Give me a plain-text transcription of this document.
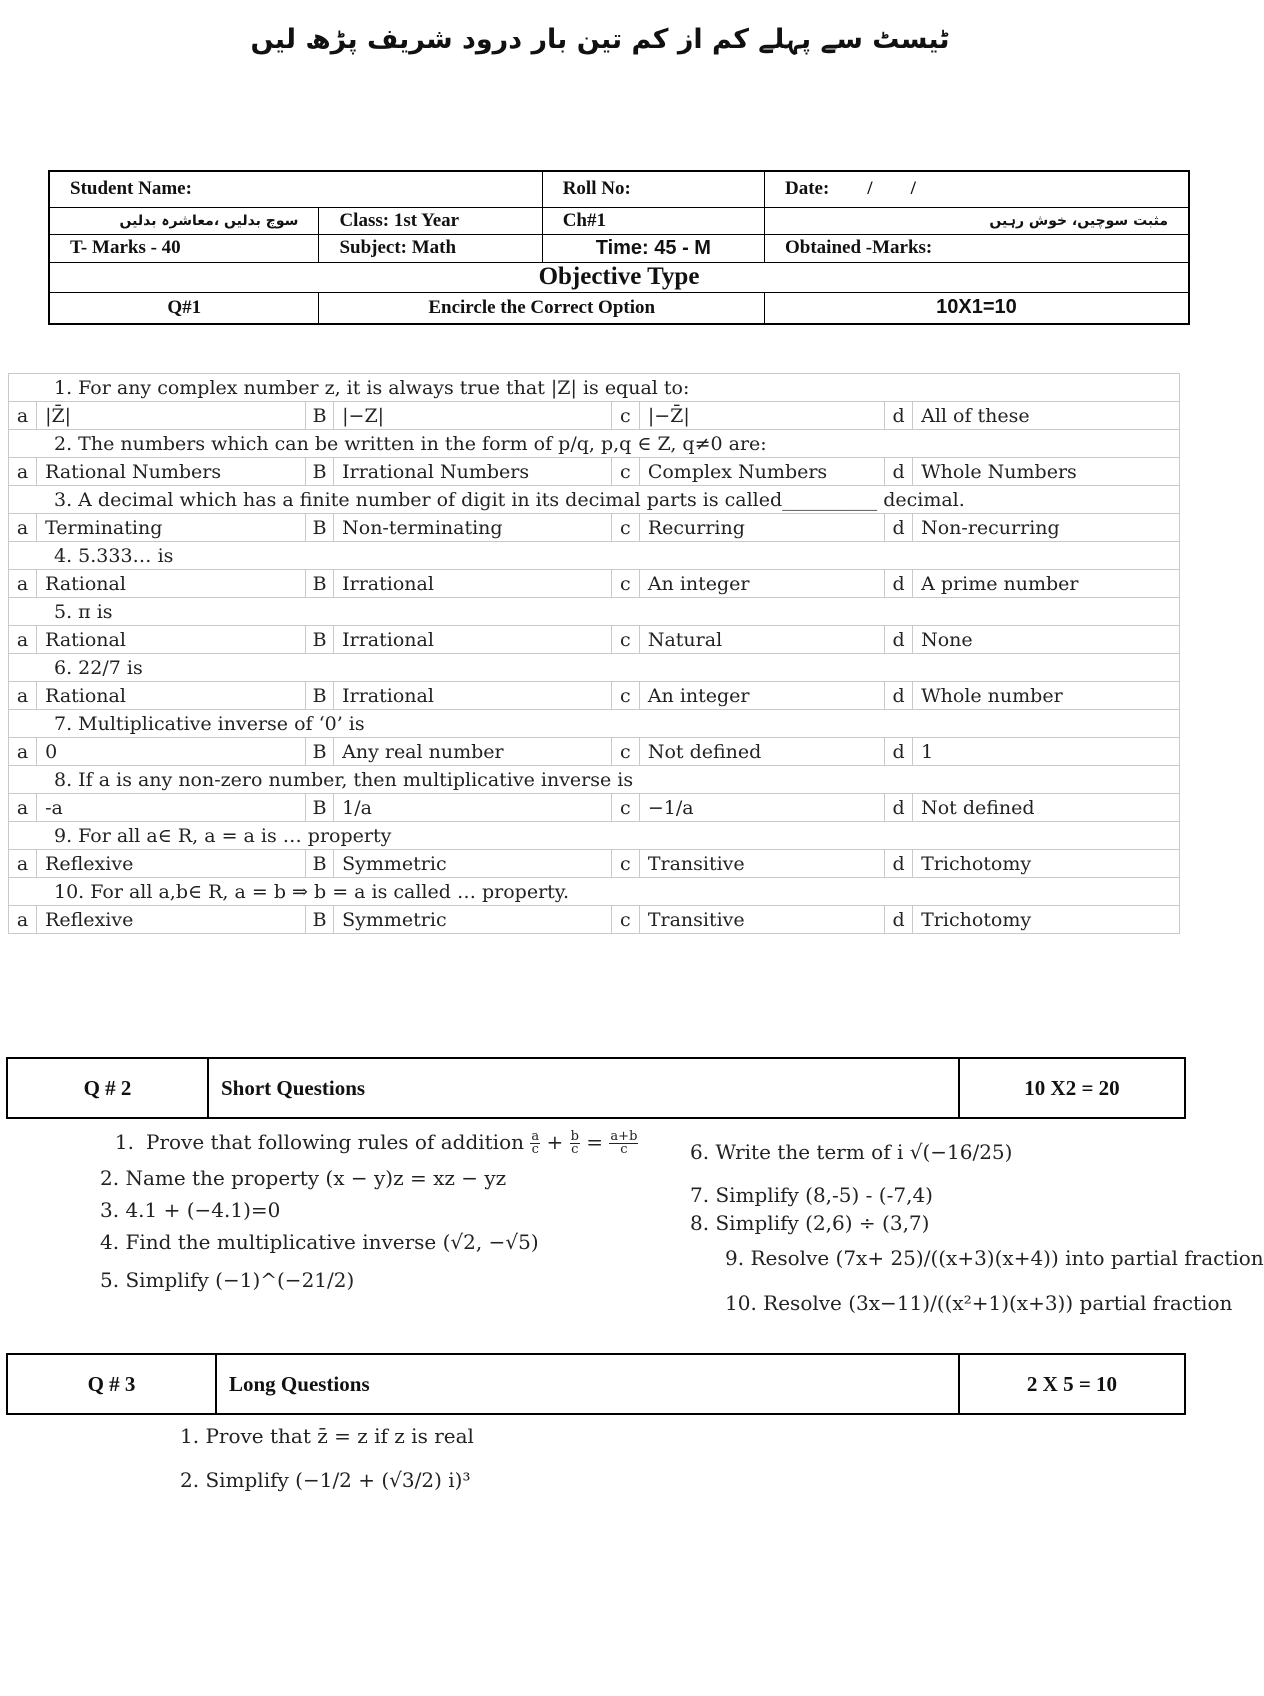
ٹیسٹ سے پہلے کم از کم تین بار درود شریف پڑھ لیں
Student Name:		Roll No:	Date:        /        /
سوچ بدلیں ،معاشرہ بدلیں	Class: 1st Year	Ch#1	مثبت سوچیں، خوش رہیں
T- Marks - 40	Subject: Math	Time: 45 - M	Obtained -Marks:
Objective Type			
Q#1	Encircle the Correct Option		10X1=10
1. For any complex number z, it is always true that |Z| is equal to:							
a	|Z̄|	B	|−Z|	c	|−Z̄|	d	All of these
2. The numbers which can be written in the form of p/q, p,q ∈ Z, q≠0 are:							
a	Rational Numbers	B	Irrational Numbers	c	Complex Numbers	d	Whole Numbers
3. A decimal which has a finite number of digit in its decimal parts is called__________ decimal.							
a	Terminating	B	Non-terminating	c	Recurring	d	Non-recurring
4. 5.333… is							
a	Rational	B	Irrational	c	An integer	d	A prime number
5. π is							
a	Rational	B	Irrational	c	Natural	d	None
6. 22/7 is							
a	Rational	B	Irrational	c	An integer	d	Whole number
7. Multiplicative inverse of ‘0’ is							
a	0	B	Any real number	c	Not defined	d	1
8. If a is any non-zero number, then multiplicative inverse is							
a	-a	B	1/a	c	−1/a	d	Not defined
9. For all a∈ R, a = a is … property							
a	Reflexive	B	Symmetric	c	Transitive	d	Trichotomy
10. For all a,b∈ R, a = b ⇒ b = a is called … property.							
a	Reflexive	B	Symmetric	c	Transitive	d	Trichotomy
Q # 2	Short Questions	10 X2 = 20
1. Prove that following rules of addition $\frac{a}{c} + \frac{b}{c} = \frac{a+b}{c}$
2. Name the property (x − y)z = xz − yz
3. 4.1 + (−4.1)=0
4. Find the multiplicative inverse (√2, −√5)
5. Simplify (−1)^(−21/2)
6. Write the term of i √(−16/25)
7. Simplify (8,-5) - (-7,4)
8. Simplify (2,6) ÷ (3,7)
9. Resolve (7x+ 25)/((x+3)(x+4)) into partial fraction
10. Resolve (3x−11)/((x²+1)(x+3)) partial fraction
Q # 3	Long Questions	2 X 5 = 10
1. Prove that z̄ = z if z is real
2. Simplify (−1/2 + (√3/2) i)³
